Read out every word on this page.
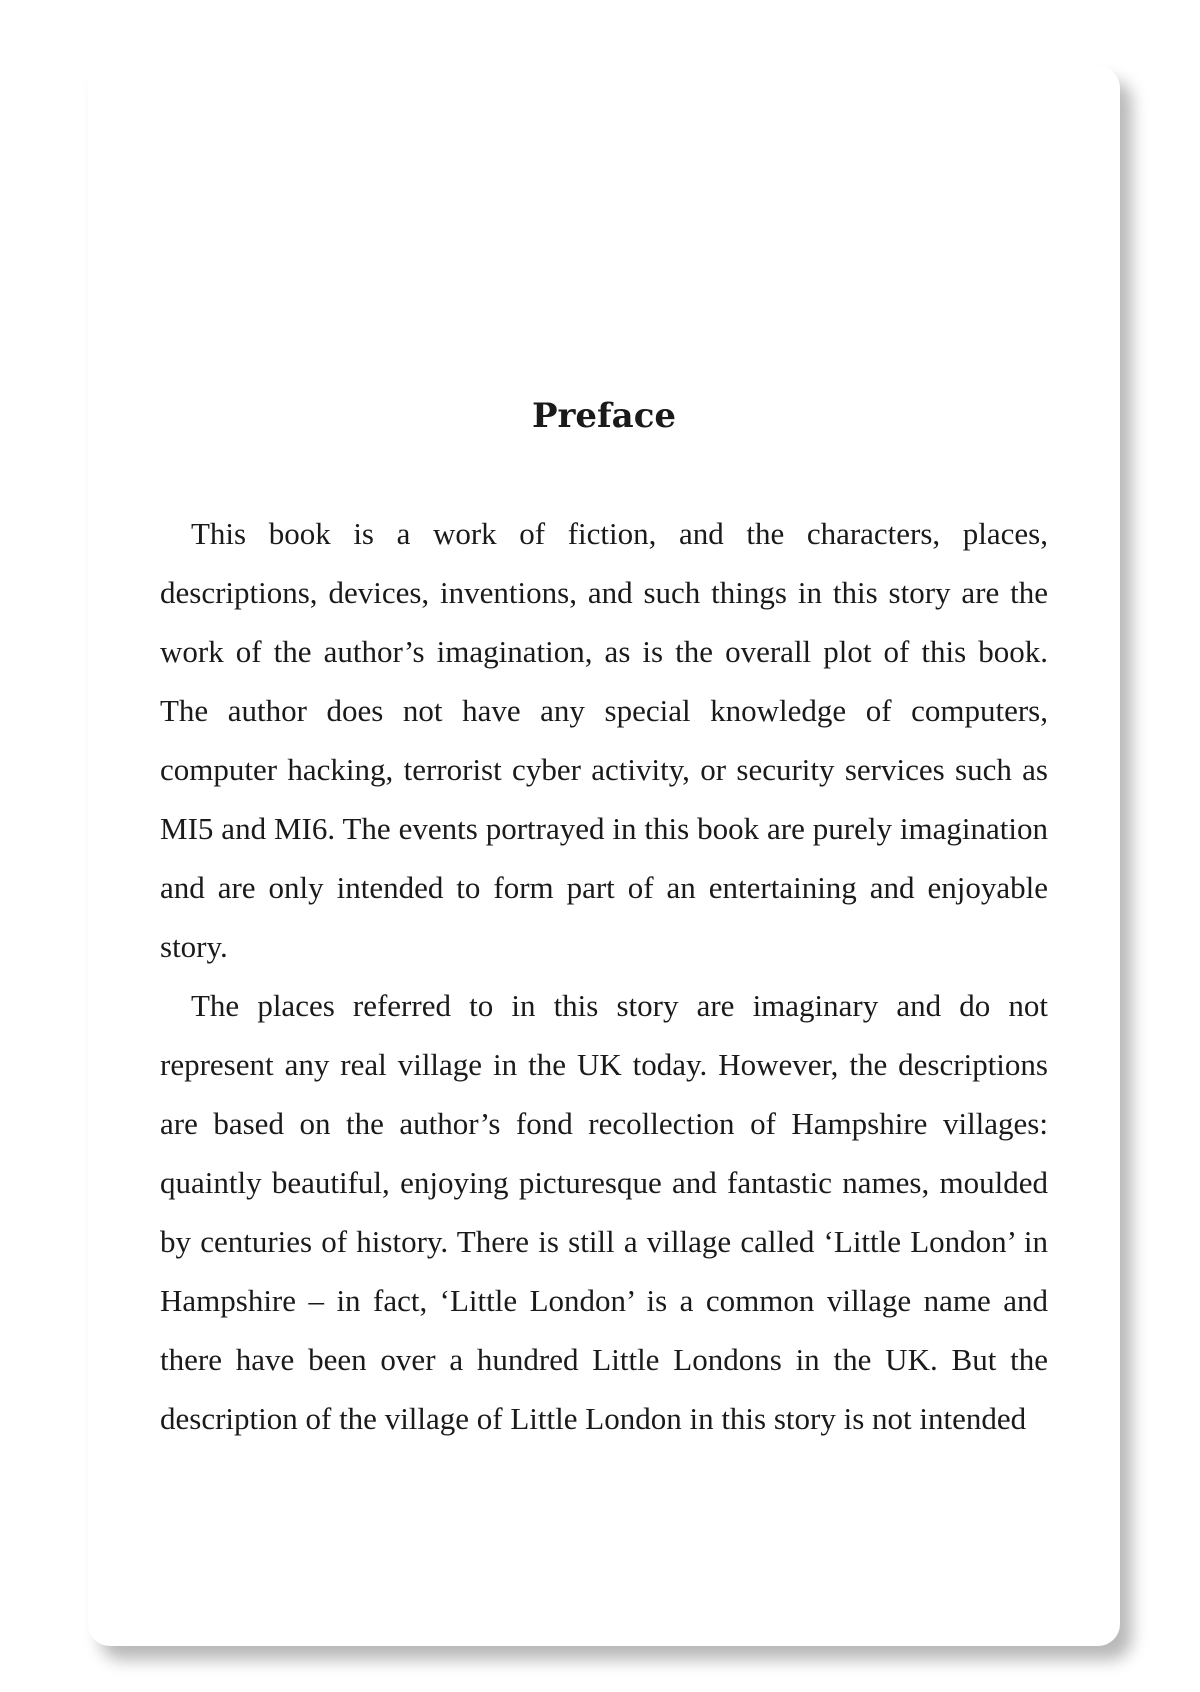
Preface

This book is a work of fiction, and the characters, places, descriptions, devices, inventions, and such things in this story are the work of the author’s imagination, as is the overall plot of this book. The author does not have any special knowledge of computers, computer hacking, terrorist cyber activity, or security services such as MI5 and MI6. The events portrayed in this book are purely imagination and are only intended to form part of an entertaining and enjoyable story.

The places referred to in this story are imaginary and do not represent any real village in the UK today. However, the descriptions are based on the author’s fond recollection of Hampshire villages: quaintly beautiful, enjoying picturesque and fantastic names, moulded by centuries of history. There is still a village called ‘Little London’ in Hampshire – in fact, ‘Little London’ is a common village name and there have been over a hundred Little Londons in the UK. But the description of the village of Little London in this story is not intended
